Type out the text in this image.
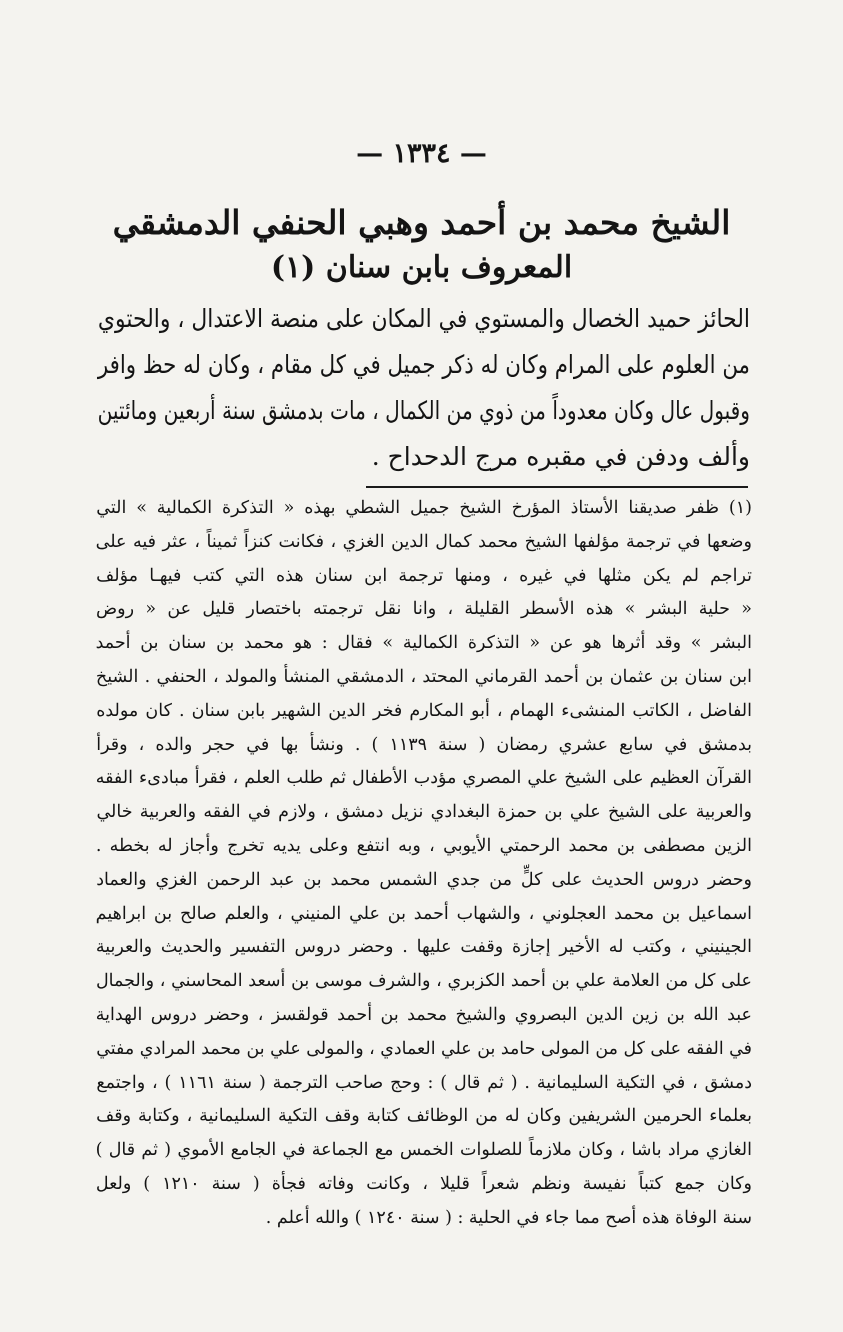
— ١٣٣٤ —
الشيخ محمد بن أحمد وهبي الحنفي الدمشقي
المعروف بابن سنان (١)
الحائز حميد الخصال والمستوي في المكان على منصة الاعتدال ، والحتوي
من العلوم على المرام وكان له ذكر جميل في كل مقام ، وكان له حظ وافر
وقبول عال وكان معدوداً من ذوي من الكمال ، مات بدمشق سنة أربعين ومائتين
وألف ودفن في مقبره مرج الدحداح .
(١) ظفر صديقنا الأستاذ المؤرخ الشيخ جميل الشطي بهذه « التذكرة الكمالية » التي
وضعها في ترجمة مؤلفها الشيخ محمد كمال الدين الغزي ، فكانت كنزاً ثميناً ، عثر فيه على
تراجم لم يكن مثلها في غيره ، ومنها ترجمة ابن سنان هذه التي كتب فيهـا مؤلف
« حلية البشر » هذه الأسطر القليلة ، وانا نقل ترجمته باختصار قليل عن « روض
البشر » وقد أثرها هو عن « التذكرة الكمالية » فقال : هو محمد بن سنان بن أحمد
ابن سنان بن عثمان بن أحمد القرماني المحتد ، الدمشقي المنشأ والمولد ، الحنفي . الشيخ
الفاضل ، الكاتب المنشىء الهمام ، أبو المكارم فخر الدين الشهير بابن سنان . كان مولده
بدمشق في سابع عشري رمضان ( سنة ١١٣٩ ) . ونشأ بها في حجر والده ، وقرأ
القرآن العظيم على الشيخ علي المصري مؤدب الأطفال ثم طلب العلم ، فقرأ مبادىء الفقه
والعربية على الشيخ علي بن حمزة البغدادي نزيل دمشق ، ولازم في الفقه والعربية خالي
الزين مصطفى بن محمد الرحمتي الأيوبي ، وبه انتفع وعلى يديه تخرج وأجاز له بخطه .
وحضر دروس الحديث على كلٍّ من جدي الشمس محمد بن عبد الرحمن الغزي والعماد
اسماعيل بن محمد العجلوني ، والشهاب أحمد بن علي المنيني ، والعلم صالح بن ابراهيم
الجينيني ، وكتب له الأخير إجازة وقفت عليها . وحضر دروس التفسير والحديث والعربية
على كل من العلامة علي بن أحمد الكزبري ، والشرف موسى بن أسعد المحاسني ، والجمال
عبد الله بن زين الدين البصروي والشيخ محمد بن أحمد قولقسز ، وحضر دروس الهداية
في الفقه على كل من المولى حامد بن علي العمادي ، والمولى علي بن محمد المرادي مفتي
دمشق ، في التكية السليمانية . ( ثم قال ) : وحج صاحب الترجمة ( سنة ١١٦١ ) ، واجتمع
بعلماء الحرمين الشريفين وكان له من الوظائف كتابة وقف التكية السليمانية ، وكتابة وقف
الغازي مراد باشا ، وكان ملازماً للصلوات الخمس مع الجماعة في الجامع الأموي ( ثم قال )
وكان جمع كتباً نفيسة ونظم شعراً قليلا ، وكانت وفاته فجأة ( سنة ١٢١٠ ) ولعل
سنة الوفاة هذه أصح مما جاء في الحلية : ( سنة ١٢٤٠ ) والله أعلم .
